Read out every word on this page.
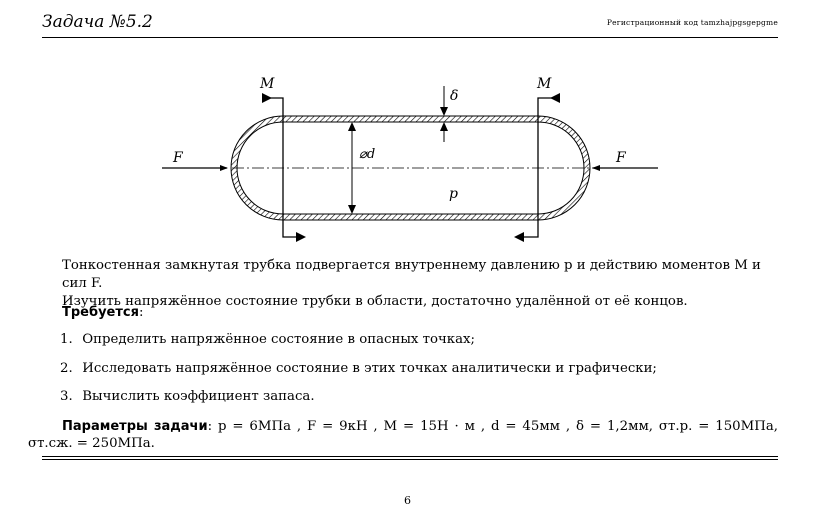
Задача №5.2	Регистрационный код tamzhajpgsgepgme
M	M
δ
⌀d
p
F	F
Тонкостенная замкнутая трубка подвергается внутреннему давлению p и действию моментов M и сил F.
Изучить напряжённое состояние трубки в области, достаточно удалённой от её концов.
Требуется:
1. Определить напряжённое состояние в опасных точках;
2. Исследовать напряжённое состояние в этих точках аналитически и графически;
3. Вычислить коэффициент запаса.
Параметры задачи: p = 6МПа , F = 9кН , M = 15Н · м , d = 45мм , δ = 1,2мм, σт.р. = 150МПа, σт.сж. = 250МПа.
6
